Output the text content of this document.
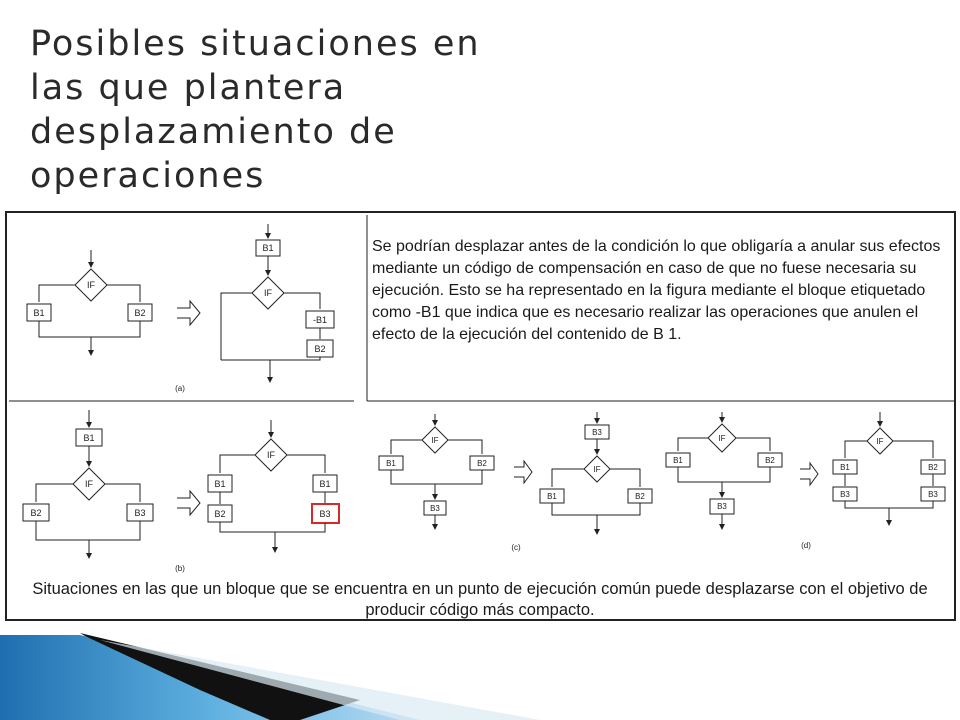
Posibles situaciones en las que plantera desplazamiento de operaciones
IF
B1	B2
B1
IF
-B1
B2
(a)
B1
IF
B2	B3
IF
B1	B1
B2	B3
(b)
IF
B1	B2
B3
B3
IF
B1	B2
(c)
IF
B1	B2
B3
IF
B1	B2
B3	B3
(d)

Se podrían desplazar antes de la condición lo que obligaría a anular sus efectos mediante un código de compensación en caso de que no fuese necesaria su ejecución. Esto se ha representado en la figura mediante el bloque etiquetado como -B1 que indica que es necesario realizar las operaciones que anulen el efecto de la ejecución del contenido de B 1.

Situaciones en las que un bloque que se encuentra en un punto de ejecución común puede desplazarse con el objetivo de producir código más compacto.
